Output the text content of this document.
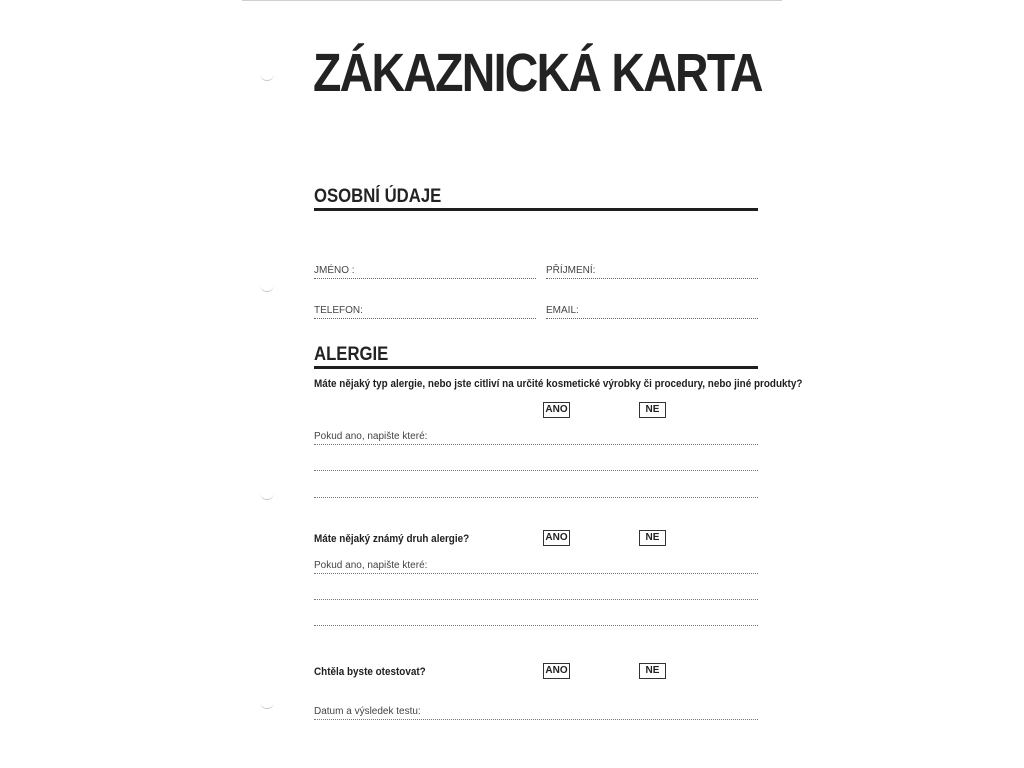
ZÁKAZNICKÁ KARTA
OSOBNÍ ÚDAJE
JMÉNO :	PŘÍJMENÍ:
TELEFON:	EMAIL:
ALERGIE
Máte nějaký typ alergie, nebo jste citliví na určité kosmetické výrobky či procedury, nebo jiné produkty?
ANO	NE
Pokud ano, napište které:
Máte nějaký známý druh alergie?	ANO	NE
Pokud ano, napište které:
Chtěla byste otestovat?	ANO	NE
Datum a výsledek testu:
